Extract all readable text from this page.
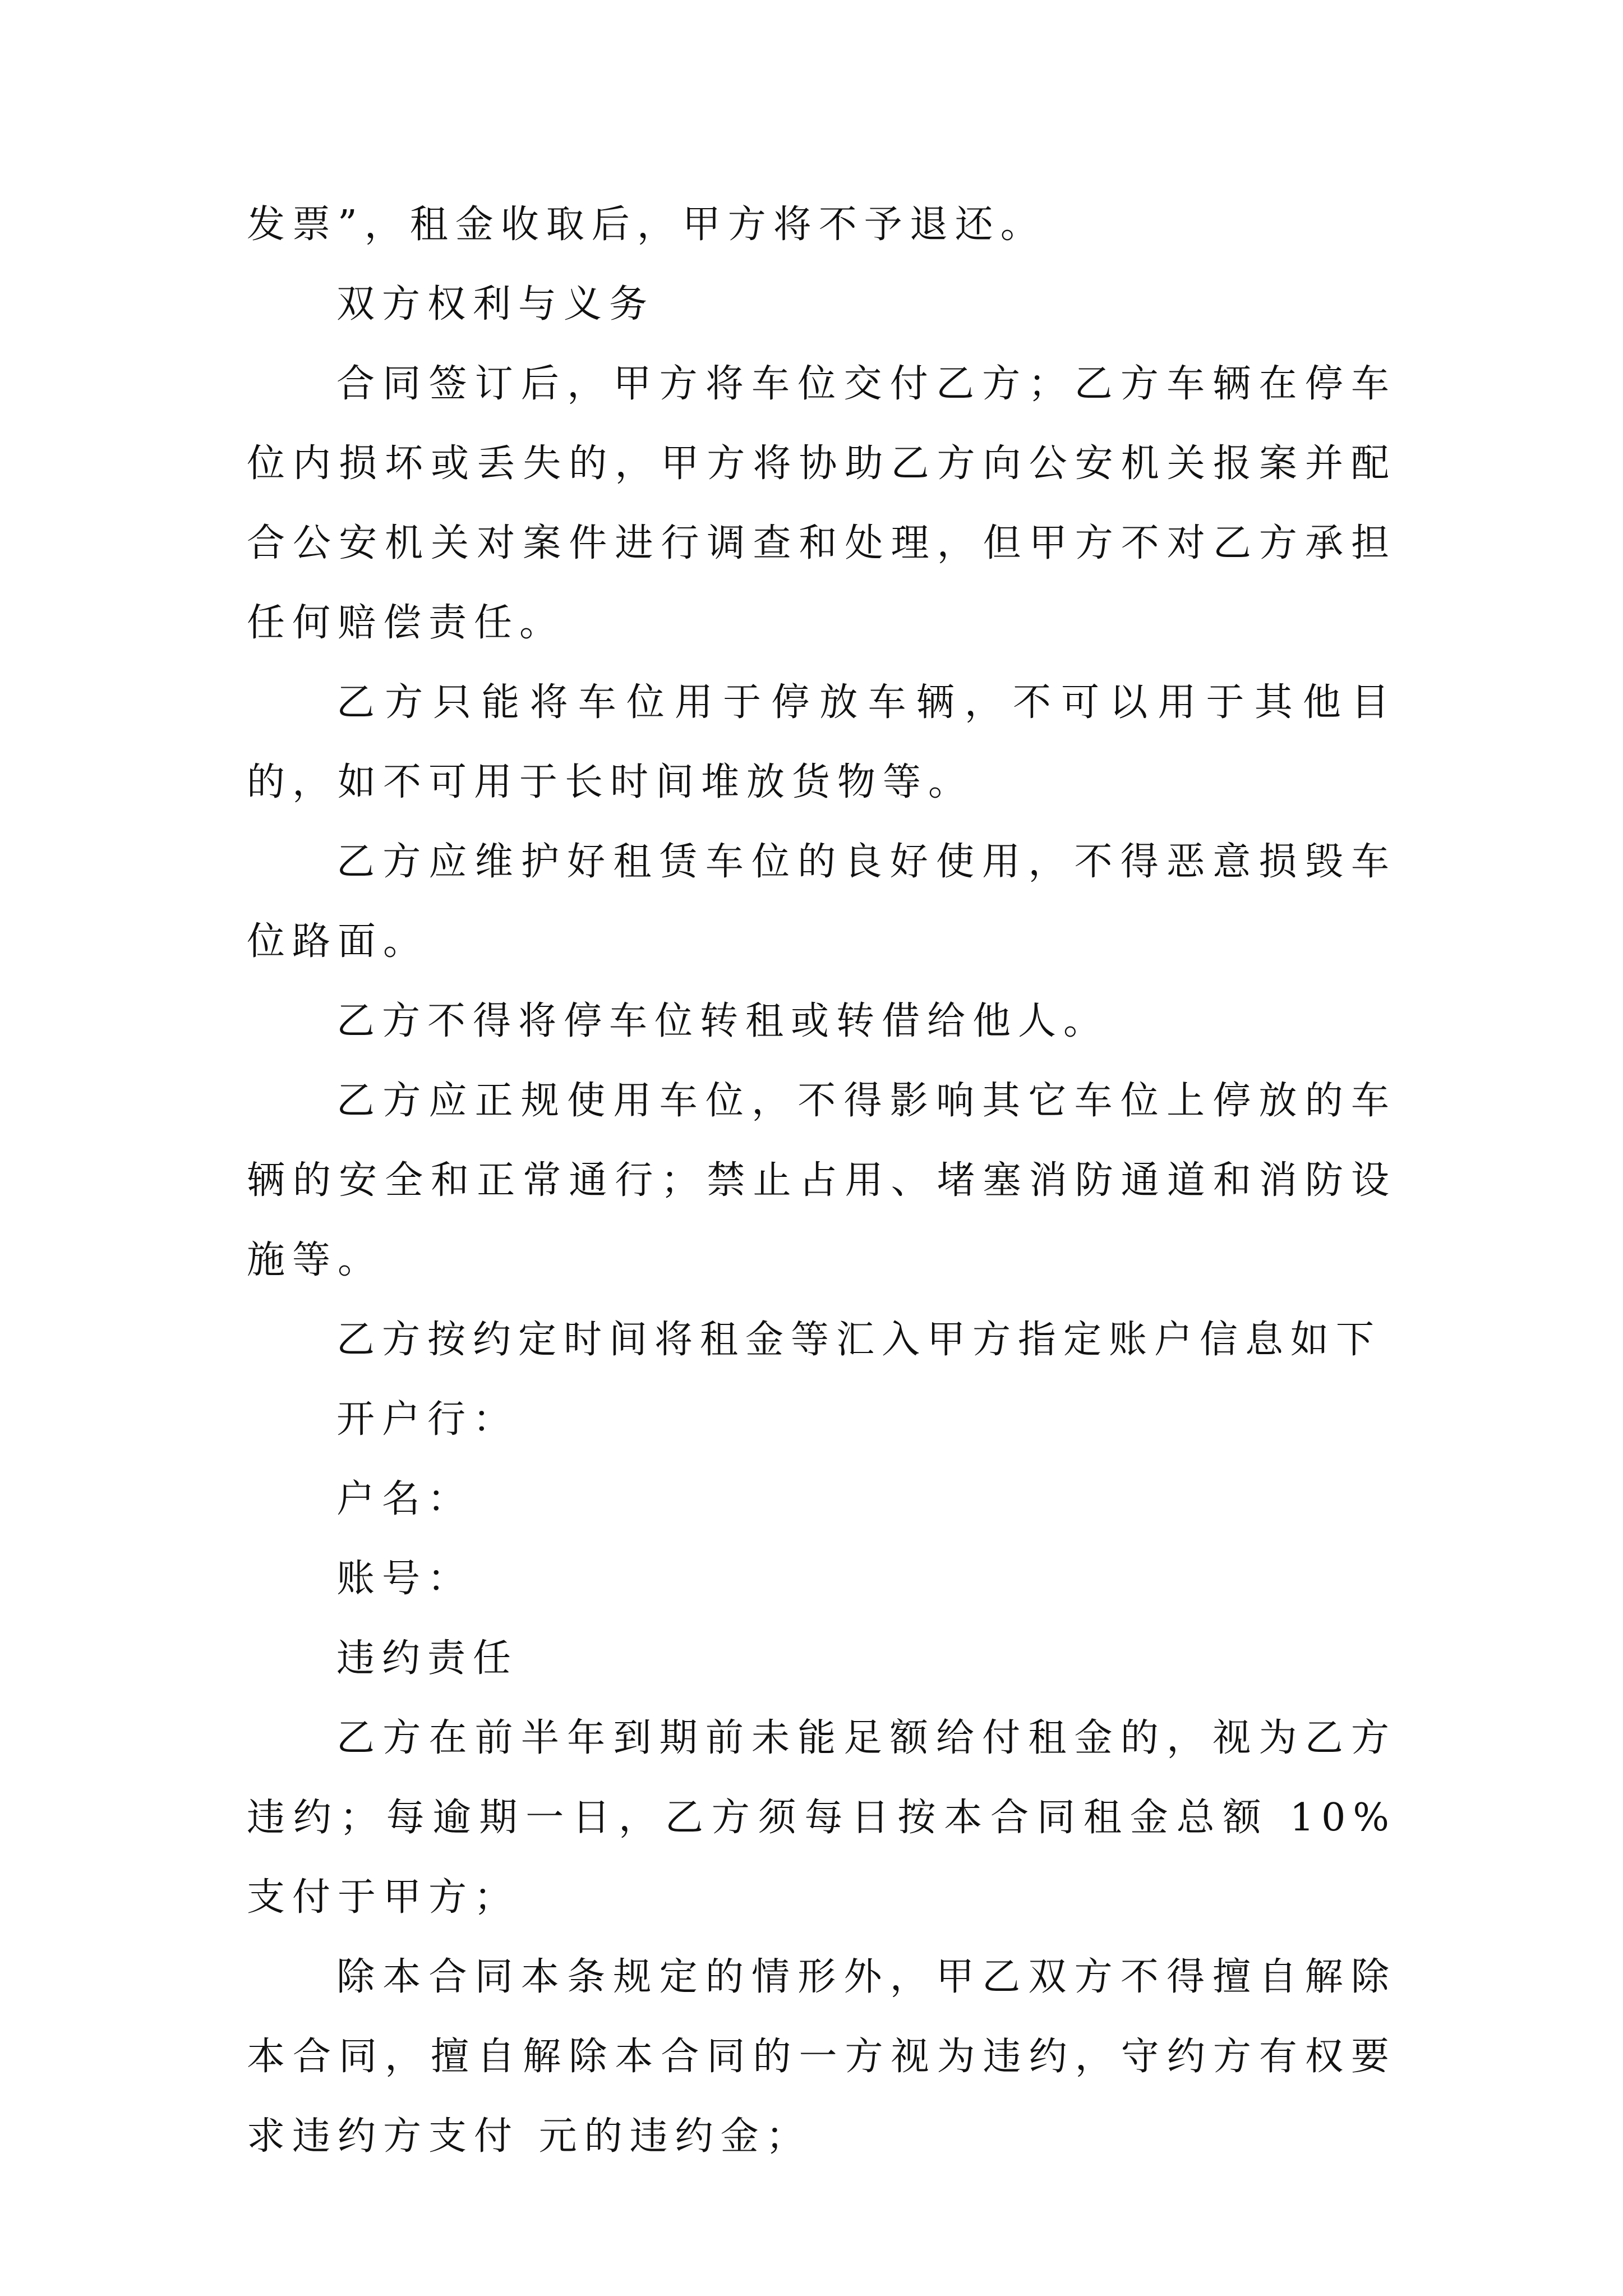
发票”，租金收取后，甲方将不予退还。

双方权利与义务

合同签订后，甲方将车位交付乙方；乙方车辆在停车位内损坏或丢失的，甲方将协助乙方向公安机关报案并配合公安机关对案件进行调查和处理，但甲方不对乙方承担任何赔偿责任。

乙方只能将车位用于停放车辆，不可以用于其他目的，如不可用于长时间堆放货物等。

乙方应维护好租赁车位的良好使用，不得恶意损毁车位路面。

乙方不得将停车位转租或转借给他人。

乙方应正规使用车位，不得影响其它车位上停放的车辆的安全和正常通行；禁止占用、堵塞消防通道和消防设施等。

乙方按约定时间将租金等汇入甲方指定账户信息如下

开户行：

户名：

账号：

违约责任

乙方在前半年到期前未能足额给付租金的，视为乙方违约；每逾期一日，乙方须每日按本合同租金总额 10%支付于甲方；

除本合同本条规定的情形外，甲乙双方不得擅自解除本合同，擅自解除本合同的一方视为违约，守约方有权要求违约方支付 元的违约金；
